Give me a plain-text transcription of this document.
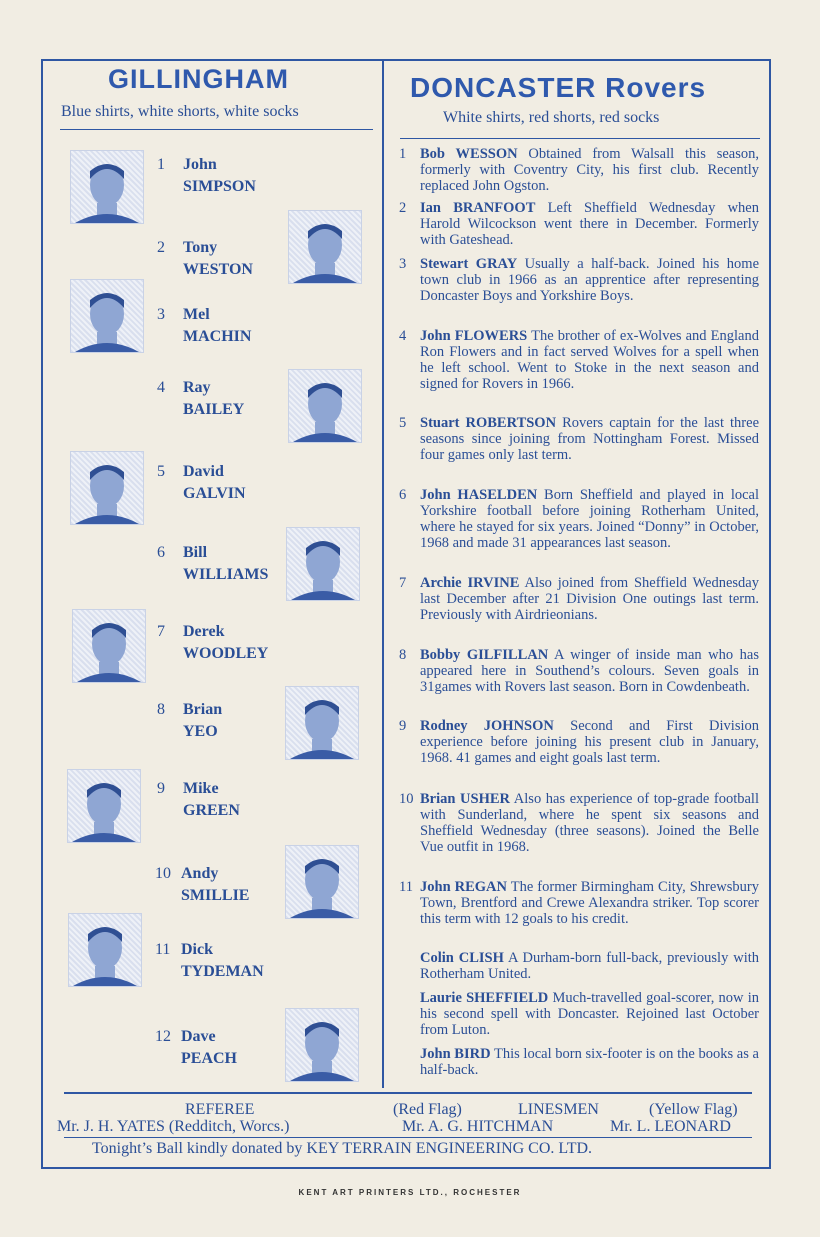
GILLINGHAM
Blue shirts, white shorts, white socks
DONCASTER Rovers
White shirts, red shorts, red socks
1 John
SIMPSON
2 Tony
WESTON
3 Mel
MACHIN
4 Ray
BAILEY
5 David
GALVIN
6 Bill
WILLIAMS
7 Derek
WOODLEY
8 Brian
YEO
9 Mike
GREEN
10 Andy
SMILLIE
11 Dick
TYDEMAN
12 Dave
PEACH
1 Bob WESSON Obtained from Walsall this season, formerly with Coventry City, his first club. Recently replaced John Ogston.
2 Ian BRANFOOT Left Sheffield Wednesday when Harold Wilcockson went there in December. Formerly with Gateshead.
3 Stewart GRAY Usually a half-back. Joined his home town club in 1966 as an apprentice after representing Doncaster Boys and Yorkshire Boys.
4 John FLOWERS The brother of ex-Wolves and England Ron Flowers and in fact served Wolves for a spell when he left school. Went to Stoke in the next season and signed for Rovers in 1966.
5 Stuart ROBERTSON Rovers captain for the last three seasons since joining from Nottingham Forest. Missed four games only last term.
6 John HASELDEN Born Sheffield and played in local Yorkshire football before joining Rotherham United, where he stayed for six years. Joined “Donny” in October, 1968 and made 31 appearances last season.
7 Archie IRVINE Also joined from Sheffield Wednesday last December after 21 Division One outings last term. Previously with Airdrieonians.
8 Bobby GILFILLAN A winger of inside man who has appeared here in Southend’s colours. Seven goals in 31games with Rovers last season. Born in Cowdenbeath.
9 Rodney JOHNSON Second and First Division experience before joining his present club in January, 1968. 41 games and eight goals last term.
10 Brian USHER Also has experience of top-grade football with Sunderland, where he spent six seasons and Sheffield Wednesday (three seasons). Joined the Belle Vue outfit in 1968.
11 John REGAN The former Birmingham City, Shrewsbury Town, Brentford and Crewe Alexandra striker. Top scorer this term with 12 goals to his credit.
Colin CLISH A Durham-born full-back, previously with Rotherham United.
Laurie SHEFFIELD Much-travelled goal-scorer, now in his second spell with Doncaster. Rejoined last October from Luton.
John BIRD This local born six-footer is on the books as a half-back.
REFEREE	(Red Flag)	LINESMEN	(Yellow Flag)
Mr. J. H. YATES (Redditch, Worcs.)	Mr. A. G. HITCHMAN	Mr. L. LEONARD
Tonight’s Ball kindly donated by KEY TERRAIN ENGINEERING CO. LTD.
KENT ART PRINTERS LTD., ROCHESTER
